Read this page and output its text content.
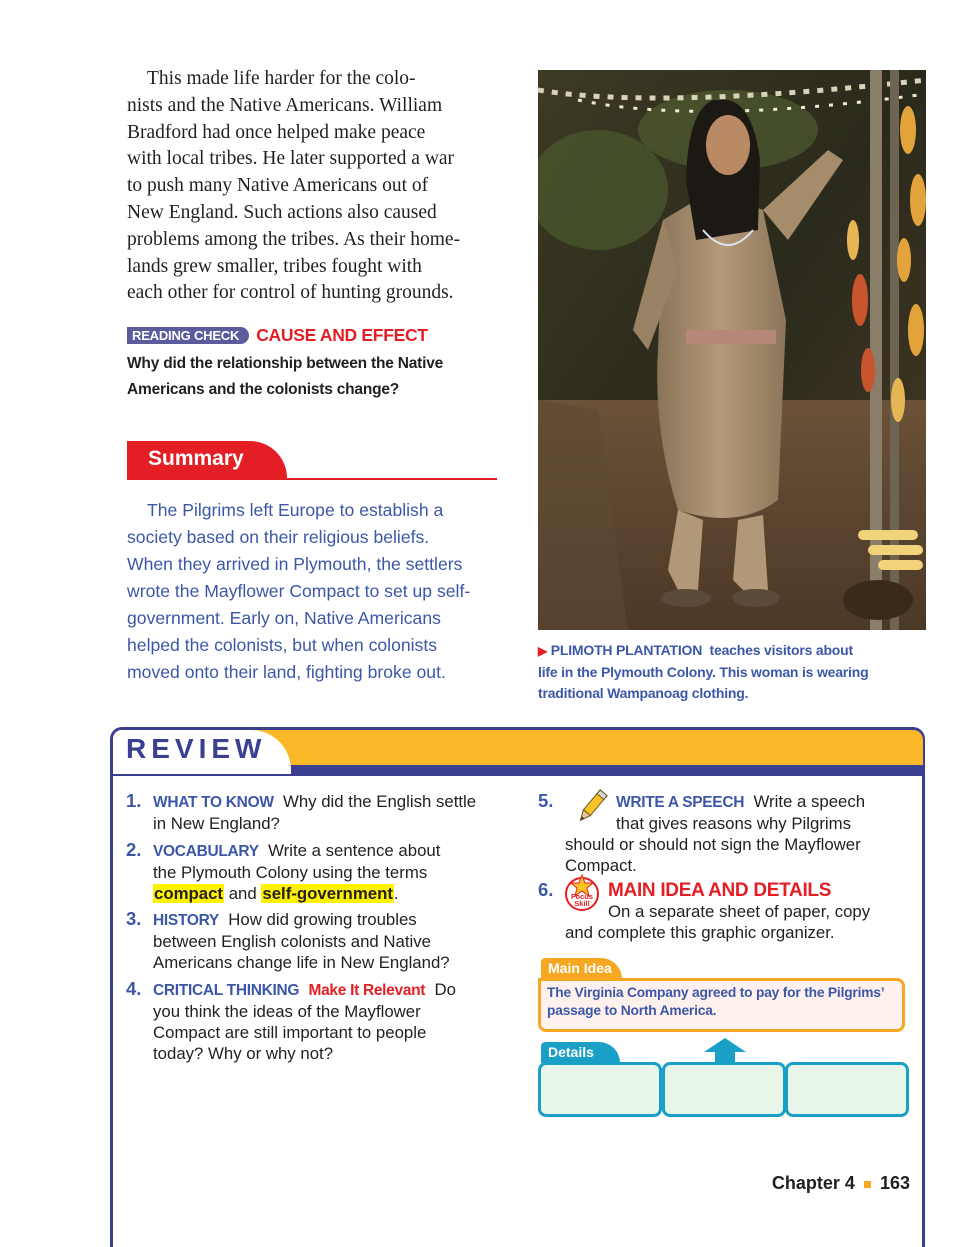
This made life harder for the colo-
nists and the Native Americans. William
Bradford had once helped make peace
with local tribes. He later supported a war
to push many Native Americans out of
New England. Such actions also caused
problems among the tribes. As their home-
lands grew smaller, tribes fought with
each other for control of hunting grounds.
READING CHECK CAUSE AND EFFECT
Why did the relationship between the Native
Americans and the colonists change?
Summary
The Pilgrims left Europe to establish a
society based on their religious beliefs.
When they arrived in Plymouth, the settlers
wrote the Mayflower Compact to set up self-
government. Early on, Native Americans
helped the colonists, but when colonists
moved onto their land, fighting broke out.
▶ PLIMOTH PLANTATION teaches visitors about
life in the Plymouth Colony. This woman is wearing
traditional Wampanoag clothing.
REVIEW
1. WHAT TO KNOW Why did the English settle
in New England?
2. VOCABULARY Write a sentence about
the Plymouth Colony using the terms
compact and self-government.
3. HISTORY How did growing troubles
between English colonists and Native
Americans change life in New England?
4. CRITICAL THINKING Make It Relevant Do
you think the ideas of the Mayflower
Compact are still important to people
today? Why or why not?
5.	WRITE A SPEECH Write a speech
that gives reasons why Pilgrims
should or should not sign the Mayflower
Compact.
6. Focus
Skill
MAIN IDEA AND DETAILS
On a separate sheet of paper, copy
and complete this graphic organizer.
Main Idea
The Virginia Company agreed to pay for the Pilgrims’
passage to North America.
Details
Chapter 4 163
